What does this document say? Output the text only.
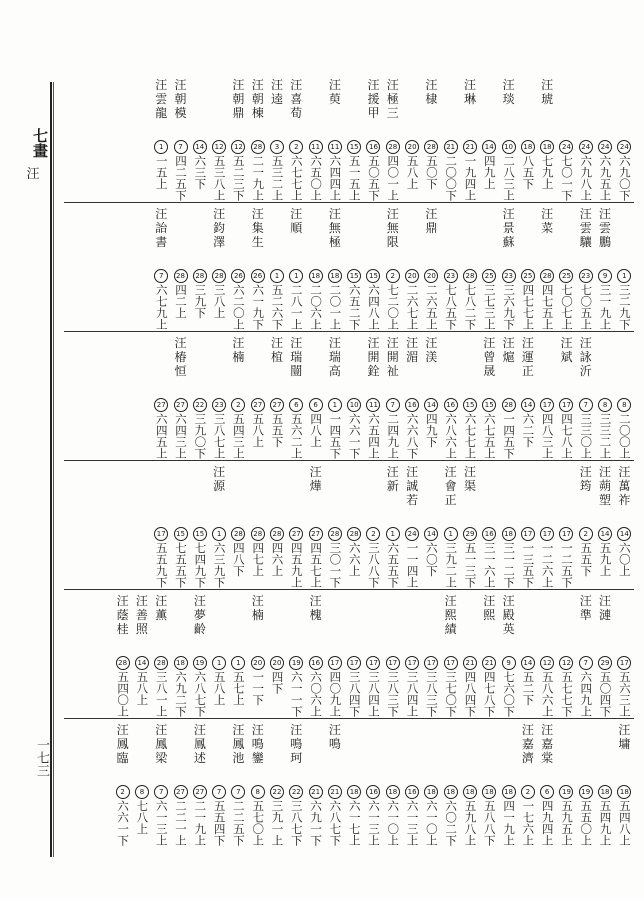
七畫
汪
一七三
24
六九〇下
24
六九五上
24
六九八上
24
七〇一下
汪
琥
18
七九上
18
八五下
汪
琰
10
二八三上
14
四九上
汪
琳
21
一九四上
21
二〇〇下
汪
棣
28
五〇下
20
五八上
汪
極
三
28
四〇一上
汪
援
甲
16
五〇五下
15
五一五上
汪
萸
11
六四四上
11
六五〇上
汪
喜
荀
2
六七七上
汪
逵
3
五三二上
汪
朝
棟
28
二一九上
汪
朝
鼎
12
五二三下
12
五三八上
14
六三下
汪
朝
模
7
四二五下
汪
雲
龍
1
一五上
1
三二九下
汪
雲
鵬
9
三一九上
汪
雲
驤
23
七〇五上
25
七〇七上
汪
菜
28
四七五上
25
四七七上
汪
景
蘇
23
三六九下
25
三七三上
28
七八二下
23
七八五下
汪
鼎
20
二六五上
20
二六七上
汪
無
限
2
七二〇上
15
六四八上
15
六五二下
汪
無
極
18
二〇一上
18
二〇六上
汪
順
1
二八一上
1
五二六下
汪
集
生
26
六一九下
26
六二〇上
汪
鈞
澤
28
三八上
28
三九下
28
四二上
汪
詒
書
7
六七九上
8
二〇〇上
8
三三二上
汪
詠
沂
7
三三〇上
汪
斌
17
四七八上
17
四八三上
汪
運
正
14
六二下
汪
熩
28
一四五下
汪
曾
晟
15
六七五上
15
六七七上
16
六八六上
汪
渼
14
四九下
汪
湄
16
六六八下
汪
開
祉
7
二四九上
汪
開
銓
11
六五四上
10
六六一下
汪
瑞
高
1
一四五下
6
四八上
汪
瑞
闓
6
五六二上
汪
椬
27
五五下
27
五八上
汪
楠
2
五四三上
23
三八七上
22
三九〇下
汪
椿
恒
27
六四三上
27
六四五上
汪
萬
祚
14
六〇上
汪
蒴
塑
14
五九上
汪
筠
2
五五下
17
一二五下
17
一二六上
17
一三五下
18
三一二下
16
三一六上
汪
渠
29
五一三下
汪
會
正
1
三九二上
14
六〇下
汪
誠
若
24
一一四上
汪
新
1
六五五下
2
三八八下
28
六六上
28
三〇一下
汪
燁
27
四五七上
27
四五九上
28
四六上
28
四七上
28
四八下
汪
源
1
六三九下
15
七四九下
15
七五五下
17
五五九下
17
五六三上
汪
漣
29
五〇四下
汪
準
7
六四九上
12
五七七下
12
五八六上
14
五二下
汪
殿
英
9
七六〇下
汪
熙
21
四七八下
21
四八四下
汪
熙
績
17
三七〇下
17
三八三下
17
三八四上
17
三八三下
17
三八四上
17
三八四下
17
四〇九上
汪
槐
16
六〇六上
19
六一一下
20
四下
汪
楠
20
一一下
1
五七上
1
五八上
汪
夢
齡
19
六八七下
18
六九二下
汪
薫
28
三八一上
汪
善
照
14
五八上
汪
蔭
桂
28
五四〇上
汪
墉
18
五四八上
18
五四九上
19
五五〇上
19
五九五上
汪
嘉
棠
6
四九四上
汪
嘉
濟
2
一七六上
18
四一九上
18
五八八下
18
五九八上
18
六〇二下
18
六一〇上
16
六一三上
18
六一〇上
16
六一三上
18
六一七上
汪
鳴
21
六八七下
21
六九一下
汪
鳴
珂
22
三八七下
22
三九一上
汪
鳴
鑾
8
五七〇上
汪
鳳
池
7
二二五下
7
五五四下
汪
鳳
述
27
二一九上
27
二二一上
汪
鳳
梁
7
六一三上
8
七八上
汪
鳳
臨
2
六六一下
